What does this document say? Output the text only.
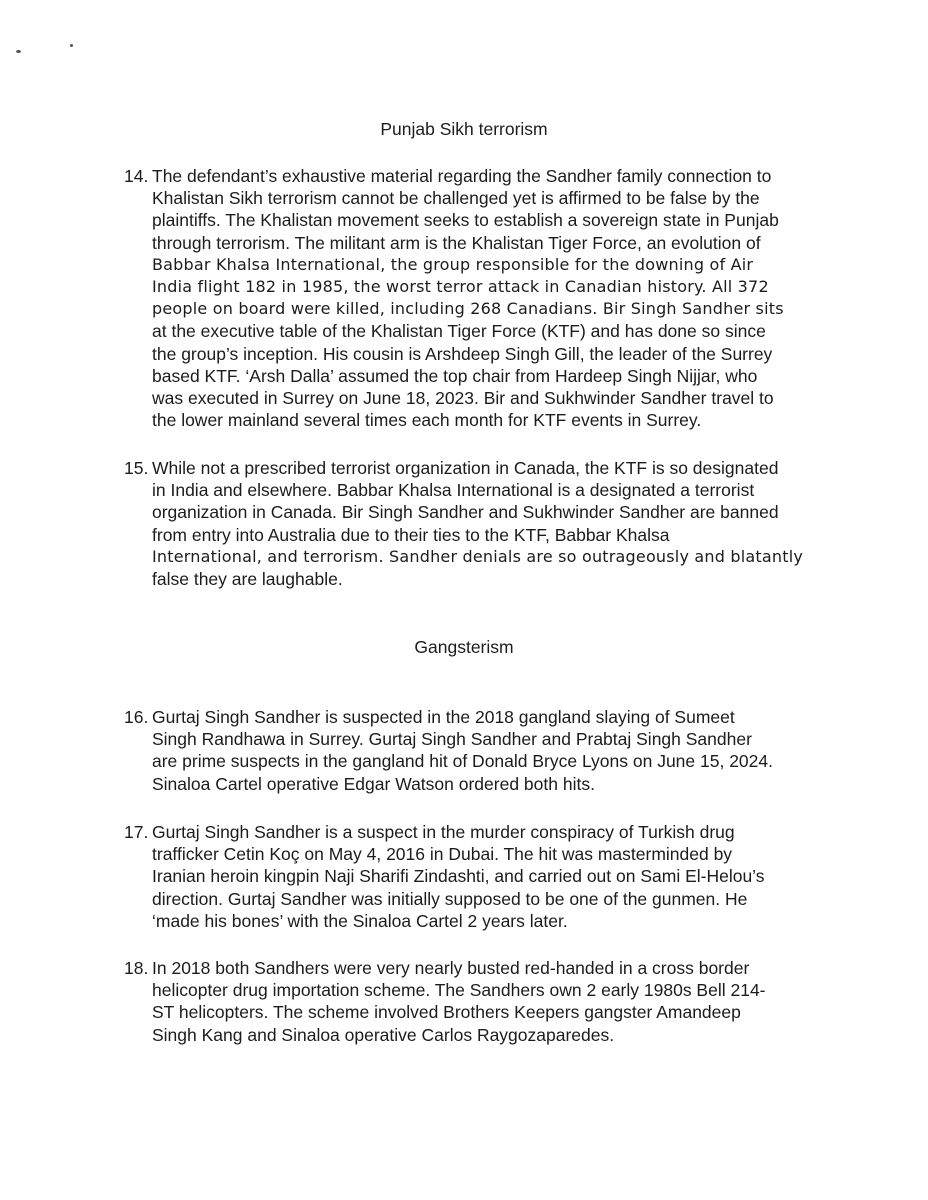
Punjab Sikh terrorism
14. The defendant’s exhaustive material regarding the Sandher family connection to
Khalistan Sikh terrorism cannot be challenged yet is affirmed to be false by the
plaintiffs. The Khalistan movement seeks to establish a sovereign state in Punjab
through terrorism. The militant arm is the Khalistan Tiger Force, an evolution of
Babbar Khalsa International, the group responsible for the downing of Air
India flight 182 in 1985, the worst terror attack in Canadian history. All 372
people on board were killed, including 268 Canadians. Bir Singh Sandher sits
at the executive table of the Khalistan Tiger Force (KTF) and has done so since
the group’s inception. His cousin is Arshdeep Singh Gill, the leader of the Surrey
based KTF. ‘Arsh Dalla’ assumed the top chair from Hardeep Singh Nijjar, who
was executed in Surrey on June 18, 2023. Bir and Sukhwinder Sandher travel to
the lower mainland several times each month for KTF events in Surrey.
15. While not a prescribed terrorist organization in Canada, the KTF is so designated
in India and elsewhere. Babbar Khalsa International is a designated a terrorist
organization in Canada. Bir Singh Sandher and Sukhwinder Sandher are banned
from entry into Australia due to their ties to the KTF, Babbar Khalsa
International, and terrorism. Sandher denials are so outrageously and blatantly
false they are laughable.
Gangsterism
16. Gurtaj Singh Sandher is suspected in the 2018 gangland slaying of Sumeet
Singh Randhawa in Surrey. Gurtaj Singh Sandher and Prabtaj Singh Sandher
are prime suspects in the gangland hit of Donald Bryce Lyons on June 15, 2024.
Sinaloa Cartel operative Edgar Watson ordered both hits.
17. Gurtaj Singh Sandher is a suspect in the murder conspiracy of Turkish drug
trafficker Cetin Koç on May 4, 2016 in Dubai. The hit was masterminded by
Iranian heroin kingpin Naji Sharifi Zindashti, and carried out on Sami El-Helou’s
direction. Gurtaj Sandher was initially supposed to be one of the gunmen. He
‘made his bones’ with the Sinaloa Cartel 2 years later.
18. In 2018 both Sandhers were very nearly busted red-handed in a cross border
helicopter drug importation scheme. The Sandhers own 2 early 1980s Bell 214-
ST helicopters. The scheme involved Brothers Keepers gangster Amandeep
Singh Kang and Sinaloa operative Carlos Raygozaparedes.
